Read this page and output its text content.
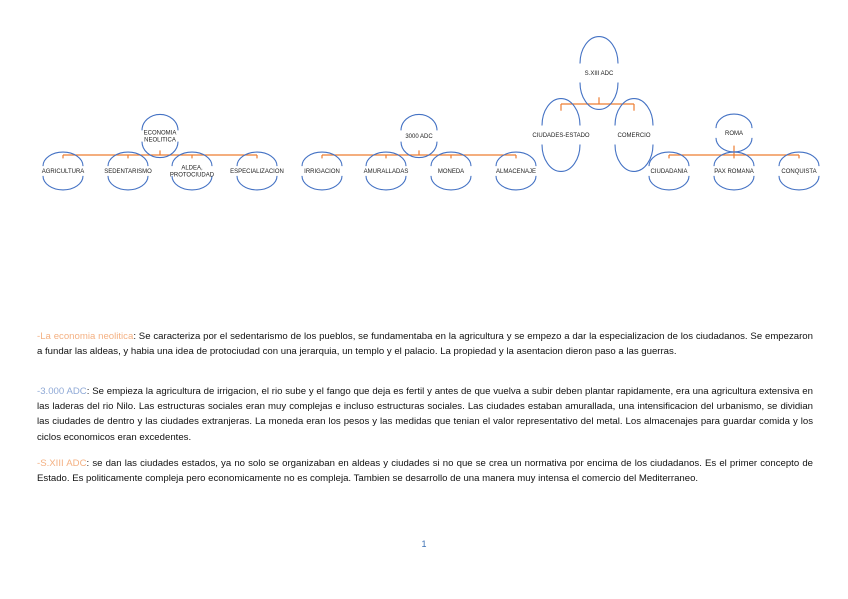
ECONOMIA
NEOLITICA
AGRICULTURA	SEDENTARISMO
ALDEA,
PROTOCIUDAD
ESPECIALIZACION
3000 ADC
IRRIGACION	AMURALLADAS	MONEDA	ALMACENAJE
S.XIII ADC
CIUDADES-ESTADO	COMERCIO	ROMA
CIUDADANIA	PAX ROMANA	CONQUISTA
-La economia neolitica: Se caracteriza por el sedentarismo de los pueblos, se fundamentaba en la agricultura y se empezo a dar la especializacion de los ciudadanos. Se empezaron a fundar las aldeas, y habia una idea de protociudad con una jerarquia, un templo y el palacio. La propiedad y la asentacion dieron paso a las guerras.
-3.000 ADC: Se empieza la agricultura de irrigacion, el rio sube y el fango que deja es fertil y antes de que vuelva a subir deben plantar rapidamente, era una agricultura extensiva en las laderas del rio Nilo. Las estructuras sociales eran muy complejas e incluso estructuras sociales. Las ciudades estaban amurallada, una intensificacion del urbanismo, se dividian las ciudades de dentro y las ciudades extranjeras. La moneda eran los pesos y las medidas que tenian el valor representativo del metal. Los almacenajes para guardar comida y los ciclos economicos eran excedentes.
-S.XIII ADC: se dan las ciudades estados, ya no solo se organizaban en aldeas y ciudades si no que se crea un normativa por encima de los ciudadanos. Es el primer concepto de Estado. Es politicamente compleja pero economicamente no es compleja. Tambien se desarrollo de una manera muy intensa el comercio del Mediterraneo.
1
